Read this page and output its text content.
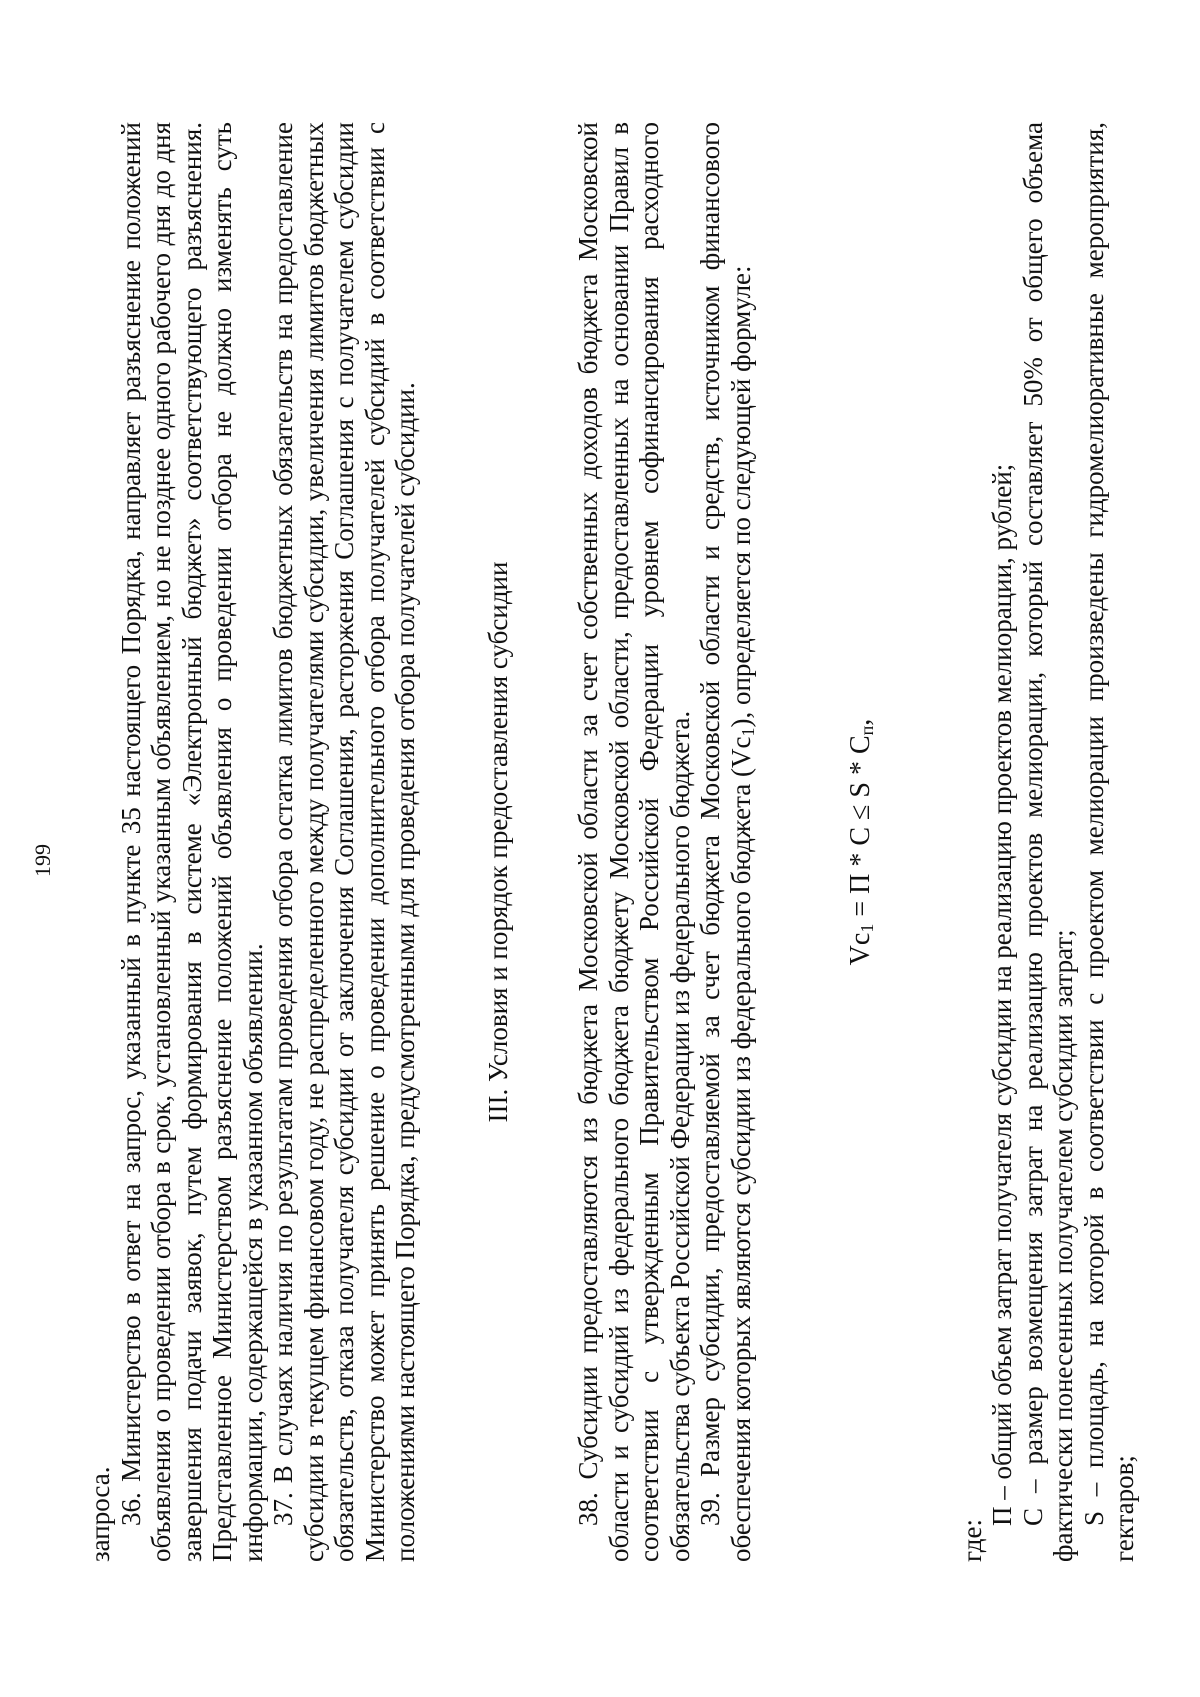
199

запроса. 36. Министерство в ответ на запрос, указанный в пункте 35 настоящего Порядка, направляет разъяснение положений объявления о проведении отбора в срок, установленный указанным объявлением, но не позднее одного рабочего дня до дня завершения подачи заявок, путем формирования в системе «Электронный бюджет» соответствующего разъяснения. Представленное Министерством разъяснение положений объявления о проведении отбора не должно изменять суть информации, содержащейся в указанном объявлении. 37. В случаях наличия по результатам проведения отбора остатка лимитов бюджетных обязательств на предоставление субсидии в текущем финансовом году, не распределенного между получателями субсидии, увеличения лимитов бюджетных обязательств, отказа получателя субсидии от заключения Соглашения, расторжения Соглашения с получателем субсидии Министерство может принять решение о проведении дополнительного отбора получателей субсидий в соответствии с положениями настоящего Порядка, предусмотренными для проведения отбора получателей субсидии. III. Условия и порядок предоставления субсидии 38. Субсидии предоставляются из бюджета Московской области за счет собственных доходов бюджета Московской области и субсидий из федерального бюджета бюджету Московской области, предоставленных на основании Правил в соответствии с утвержденным Правительством Российской Федерации уровнем софинансирования расходного обязательства субъекта Российской Федерации из федерального бюджета. 39. Размер субсидии, предоставляемой за счет бюджета Московской области и средств, источником финансового обеспечения которых являются субсидии из федерального бюджета $(Vс_1)$, определяется по следующей формуле:

$Vс_1 = П * С \le S * С_п$,

где:

П – общий объем затрат получателя субсидии на реализацию проектов мелиорации, рублей; С – размер возмещения затрат на реализацию проектов мелиорации, который составляет 50% от общего объема фактически понесенных получателем субсидии затрат; S – площадь, на которой в соответствии с проектом мелиорации произведены гидромелиоративные мероприятия, гектаров;
